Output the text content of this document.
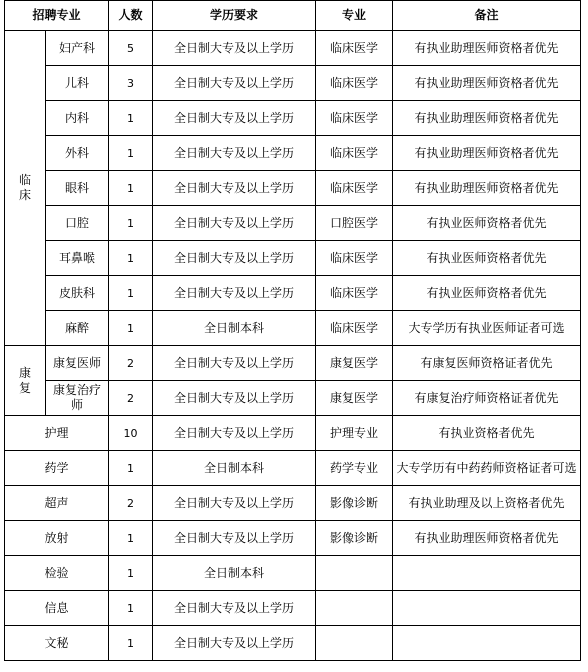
招聘专业		人数	学历要求	专业	备注
临
床	妇产科	5	全日制大专及以上学历	临床医学	有执业助理医师资格者优先
	儿科	3	全日制大专及以上学历	临床医学	有执业助理医师资格者优先
	内科	1	全日制大专及以上学历	临床医学	有执业助理医师资格者优先
	外科	1	全日制大专及以上学历	临床医学	有执业助理医师资格者优先
	眼科	1	全日制大专及以上学历	临床医学	有执业助理医师资格者优先
	口腔	1	全日制大专及以上学历	口腔医学	有执业医师资格者优先
	耳鼻喉	1	全日制大专及以上学历	临床医学	有执业医师资格者优先
	皮肤科	1	全日制大专及以上学历	临床医学	有执业医师资格者优先
	麻醉	1	全日制本科	临床医学	大专学历有执业医师证者可选
康
复	康复医师	2	全日制大专及以上学历	康复医学	有康复医师资格证者优先
	康复治疗师	2	全日制大专及以上学历	康复医学	有康复治疗师资格证者优先
护理		10	全日制大专及以上学历	护理专业	有执业资格者优先
药学		1	全日制本科	药学专业	大专学历有中药药师资格证者可选
超声		2	全日制大专及以上学历	影像诊断	有执业助理及以上资格者优先
放射		1	全日制大专及以上学历	影像诊断	有执业助理医师资格者优先
检验		1	全日制本科		
信息		1	全日制大专及以上学历		
文秘		1	全日制大专及以上学历		
